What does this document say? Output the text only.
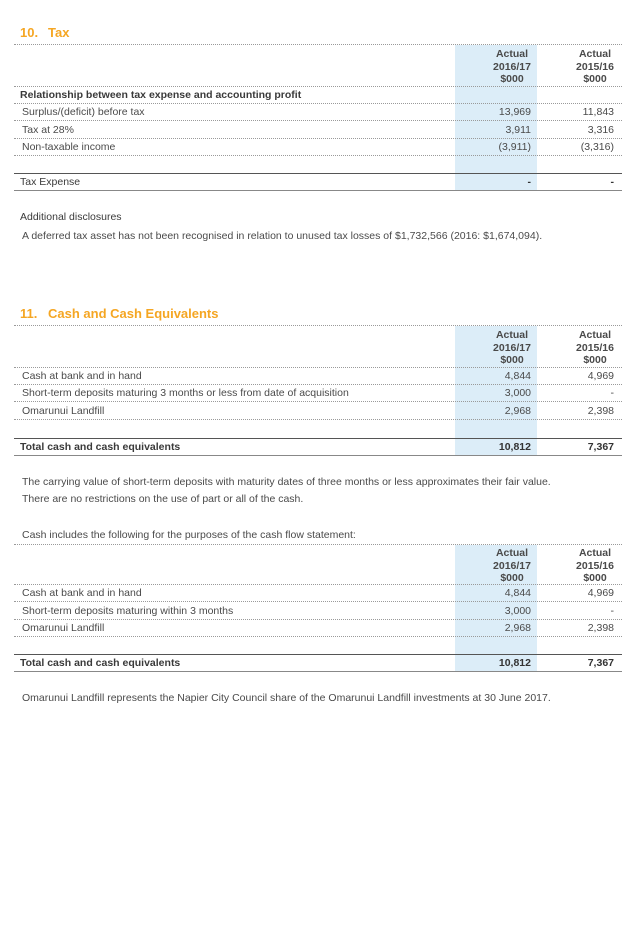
10. Tax
Actual
2016/17
$000
Actual
2015/16
$000
Relationship between tax expense and accounting profit
Surplus/(deficit) before tax	13,969	11,843
Tax at 28%	3,911	3,316
Non-taxable income	(3,911)	(3,316)
Tax Expense	-	-
Additional disclosures
A deferred tax asset has not been recognised in relation to unused tax losses of $1,732,566 (2016: $1,674,094).
11. Cash and Cash Equivalents
Actual
2016/17
$000
Actual
2015/16
$000
Cash at bank and in hand	4,844	4,969
Short-term deposits maturing 3 months or less from date of acquisition	3,000	-
Omarunui Landfill	2,968	2,398
Total cash and cash equivalents	10,812	7,367
The carrying value of short-term deposits with maturity dates of three months or less approximates their fair value.
There are no restrictions on the use of part or all of the cash.
Cash includes the following for the purposes of the cash flow statement:
Actual
2016/17
$000
Actual
2015/16
$000
Cash at bank and in hand	4,844	4,969
Short-term deposits maturing within 3 months	3,000	-
Omarunui Landfill	2,968	2,398
Total cash and cash equivalents	10,812	7,367
Omarunui Landfill represents the Napier City Council share of the Omarunui Landfill investments at 30 June 2017.
